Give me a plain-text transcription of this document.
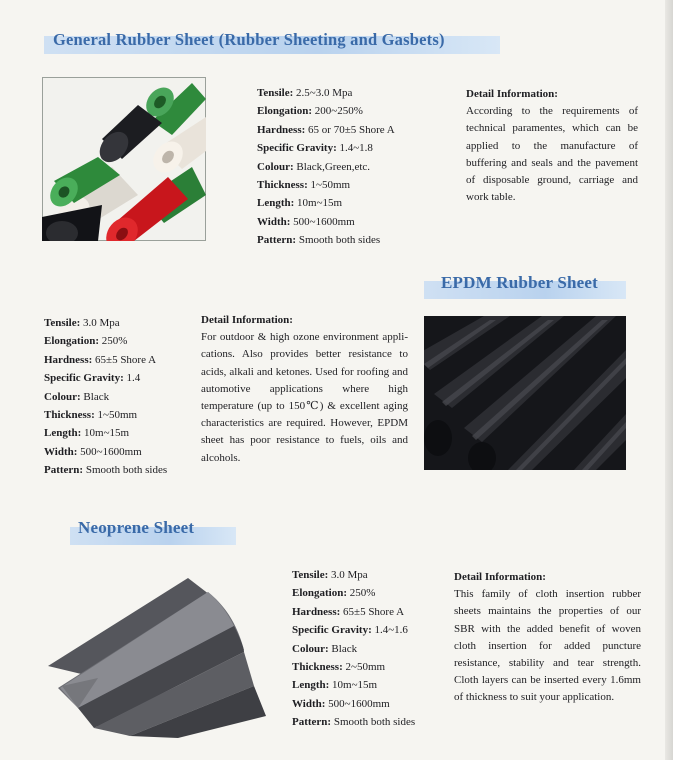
General Rubber Sheet (Rubber Sheeting and Gasbets)
Tensile: 2.5~3.0 Mpa
Elongation: 200~250%
Hardness: 65 or 70±5 Shore A
Specific Gravity: 1.4~1.8
Colour: Black,Green,etc.
Thickness: 1~50mm
Length: 10m~15m
Width: 500~1600mm
Pattern: Smooth both sides
Detail Information:
According to the requirements of technical paramentes, which can be applied to the manufacture of buffering and seals and the pavement of disposable ground, carriage and work table.
EPDM Rubber Sheet
Tensile: 3.0 Mpa
Elongation: 250%
Hardness: 65±5 Shore A
Specific Gravity: 1.4
Colour: Black
Thickness: 1~50mm
Length: 10m~15m
Width: 500~1600mm
Pattern: Smooth both sides
Detail Information:
For outdoor & high ozone environment appli-cations. Also provides better resistance to acids, alkali and ketones. Used for roofing and automotive applications where high temperature (up to 150℃) & excellent aging characteristics are required. However, EPDM sheet has poor resistance to fuels, oils and alcohols.
Neoprene Sheet
Tensile: 3.0 Mpa
Elongation: 250%
Hardness: 65±5 Shore A
Specific Gravity: 1.4~1.6
Colour: Black
Thickness: 2~50mm
Length: 10m~15m
Width: 500~1600mm
Pattern: Smooth both sides
Detail Information:
This family of cloth insertion rubber sheets maintains the properties of our SBR with the added benefit of woven cloth insertion for added puncture resistance, stability and tear strength. Cloth layers can be inserted every 1.6mm of thickness to suit your application.
